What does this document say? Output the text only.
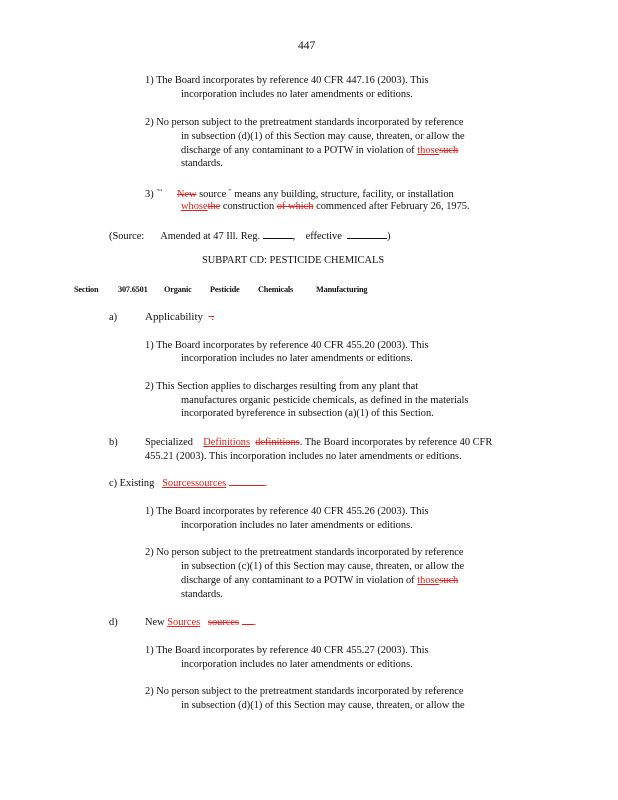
447
1) The Board incorporates by reference 40 CFR 447.16 (2003). This
incorporation includes no later amendments or editions.
2) No person subject to the pretreatment standards incorporated by reference
in subsection (d)(1) of this Section may cause, threaten, or allow the
discharge of any contaminant to a POTW in violation of thosesuch
standards.
3) "“ New source " means any building, structure, facility, or installation
whosethe construction of which commenced after February 26, 1975.
(Source: Amended at 47 Ill. Reg.	,    effective	)
SUBPART CD: PESTICIDE CHEMICALS
Section 307.6501 Organic Pesticide Chemicals	Manufacturing
a)	Applicability   .
1) The Board incorporates by reference 40 CFR 455.20 (2003). This
incorporation includes no later amendments or editions.
2) This Section applies to discharges resulting from any plant that
manufactures organic pesticide chemicals, as defined in the materials
incorporated byreference in subsection (a)(1) of this Section.
b)	Specialized Definitions definitions. The Board incorporates by reference 40 CFR
455.21 (2003). This incorporation includes no later amendments or editions.
c) Existing   Sourcessources	.
1) The Board incorporates by reference 40 CFR 455.26 (2003). This
incorporation includes no later amendments or editions.
2) No person subject to the pretreatment standards incorporated by reference
in subsection (c)(1) of this Section may cause, threaten, or allow the
discharge of any contaminant to a POTW in violation of thosesuch
standards.
d)	New Sources sources .
1) The Board incorporates by reference 40 CFR 455.27 (2003). This
incorporation includes no later amendments or editions.
2) No person subject to the pretreatment standards incorporated by reference
in subsection (d)(1) of this Section may cause, threaten, or allow the
